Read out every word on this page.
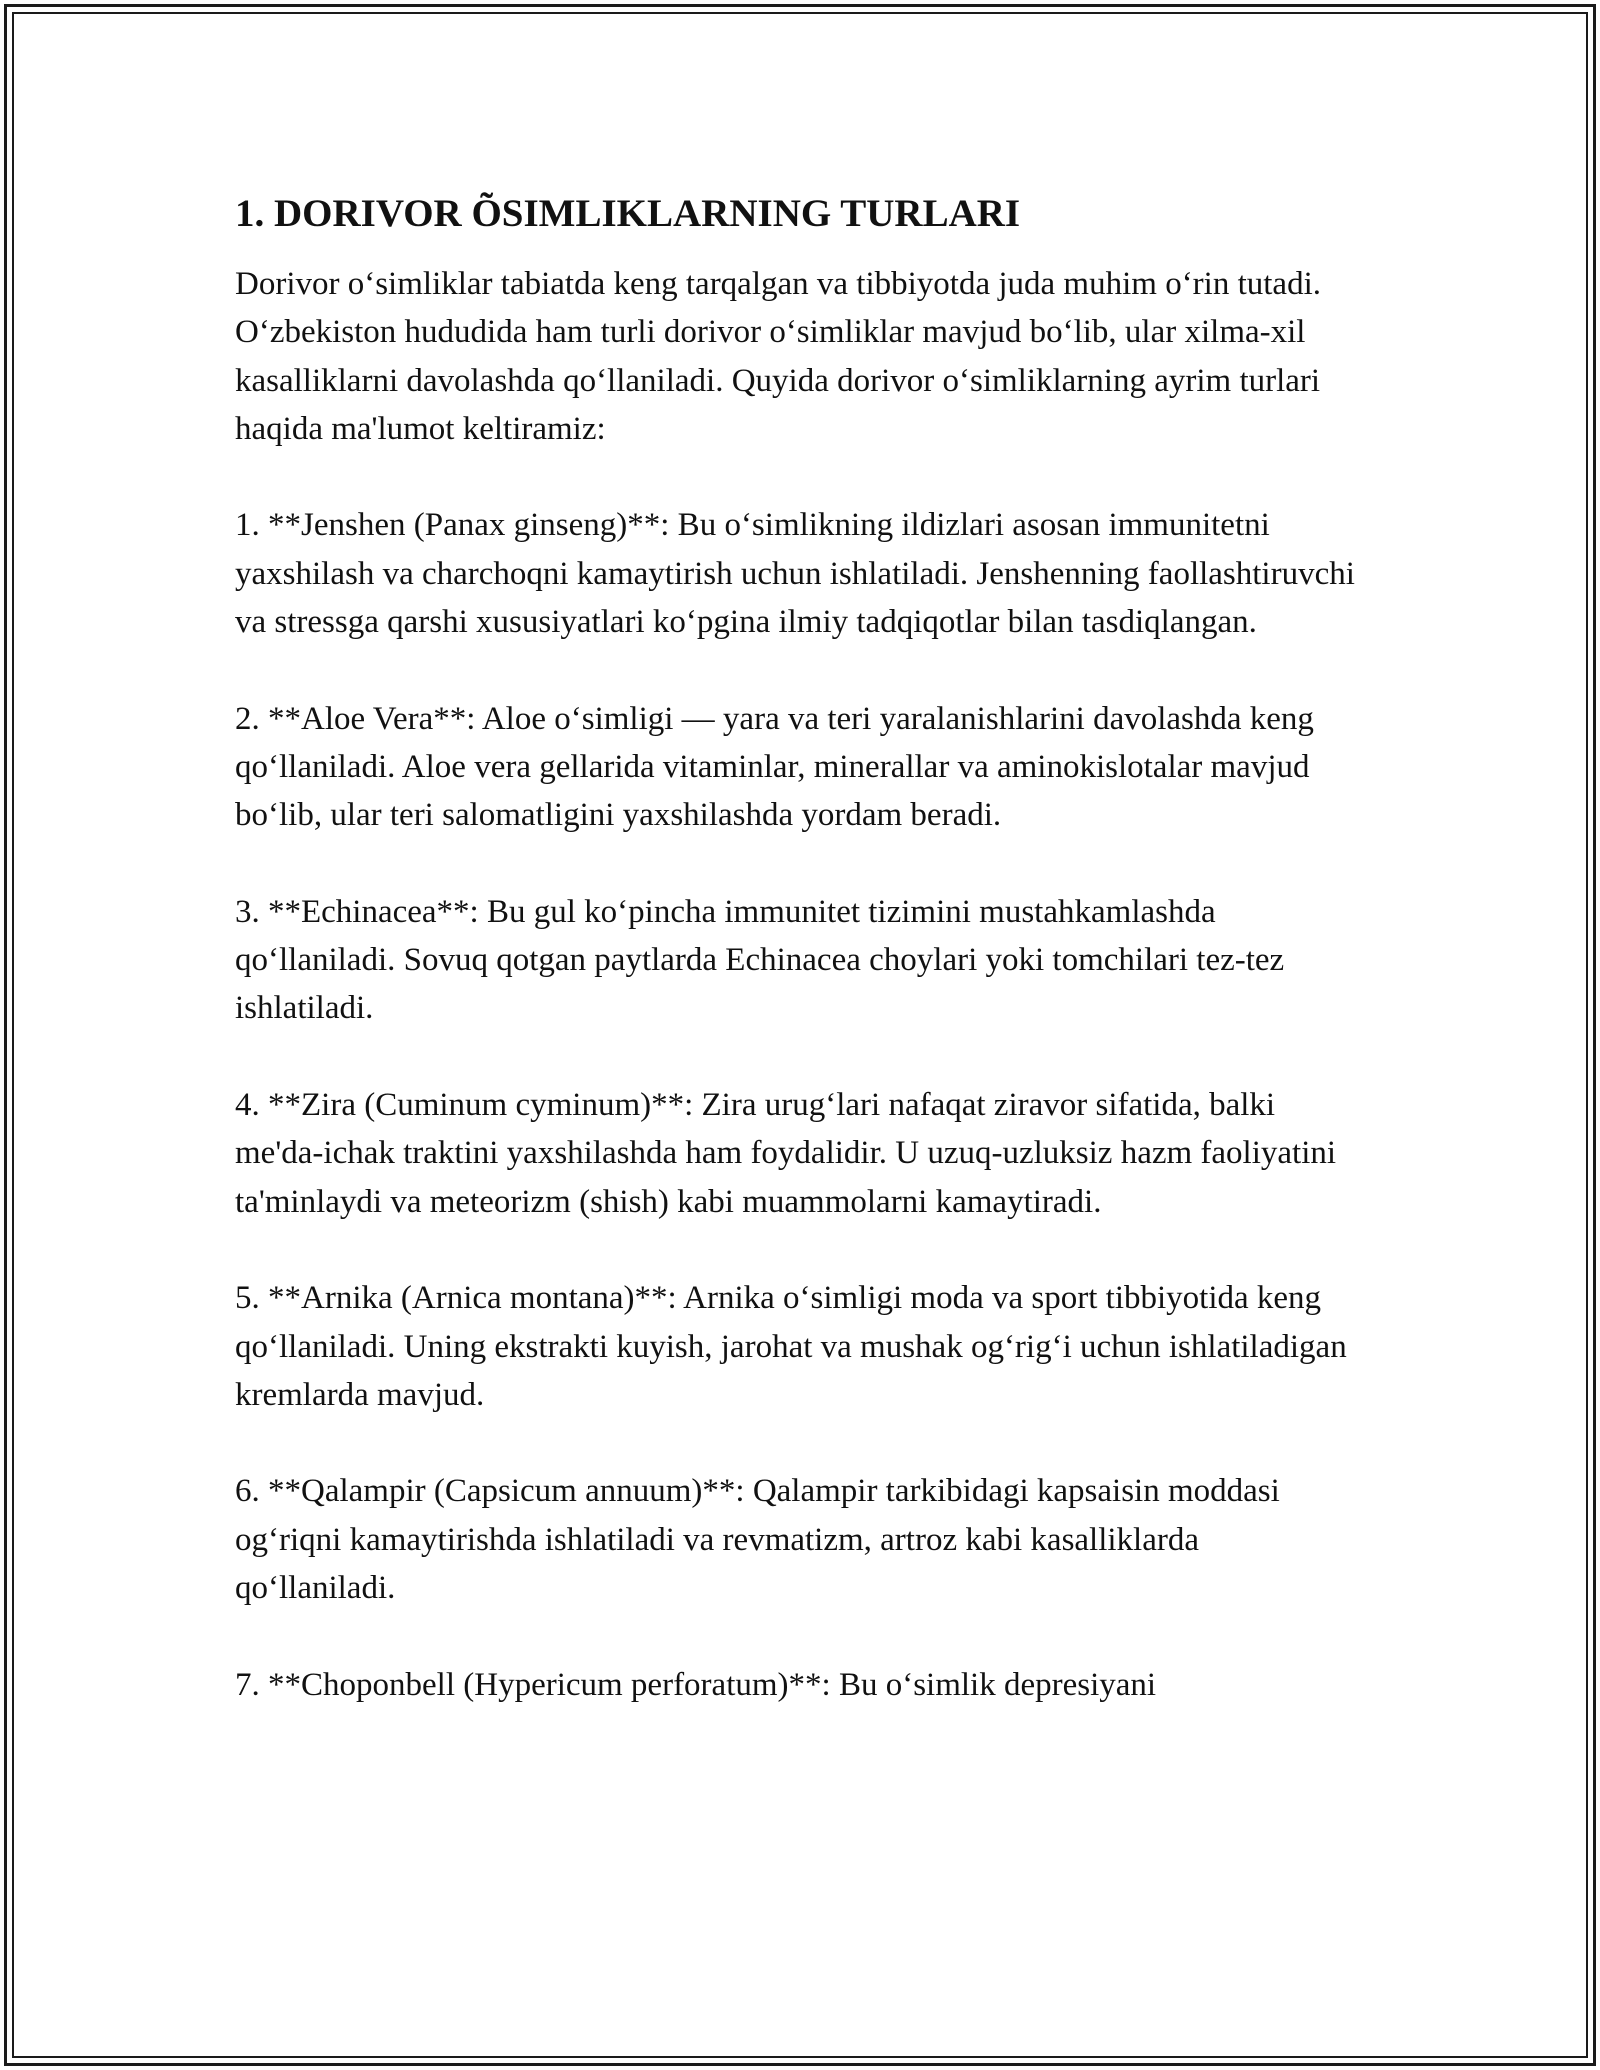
1. DORIVOR ÕSIMLIKLARNING TURLARI

Dorivor o‘simliklar tabiatda keng tarqalgan va tibbiyotda juda muhim o‘rin tutadi. O‘zbekiston hududida ham turli dorivor o‘simliklar mavjud bo‘lib, ular xilma-xil kasalliklarni davolashda qo‘llaniladi. Quyida dorivor o‘simliklarning ayrim turlari haqida ma'lumot keltiramiz:

1. **Jenshen (Panax ginseng)**: Bu o‘simlikning ildizlari asosan immunitetni yaxshilash va charchoqni kamaytirish uchun ishlatiladi. Jenshenning faollashtiruvchi va stressga qarshi xususiyatlari ko‘pgina ilmiy tadqiqotlar bilan tasdiqlangan.

2. **Aloe Vera**: Aloe o‘simligi — yara va teri yaralanishlarini davolashda keng qo‘llaniladi. Aloe vera gellarida vitaminlar, minerallar va aminokislotalar mavjud bo‘lib, ular teri salomatligini yaxshilashda yordam beradi.

3. **Echinacea**: Bu gul ko‘pincha immunitet tizimini mustahkamlashda qo‘llaniladi. Sovuq qotgan paytlarda Echinacea choylari yoki tomchilari tez-tez ishlatiladi.

4. **Zira (Cuminum cyminum)**: Zira urug‘lari nafaqat ziravor sifatida, balki me'da-ichak traktini yaxshilashda ham foydalidir. U uzuq-uzluksiz hazm faoliyatini ta'minlaydi va meteorizm (shish) kabi muammolarni kamaytiradi.

5. **Arnika (Arnica montana)**: Arnika o‘simligi moda va sport tibbiyotida keng qo‘llaniladi. Uning ekstrakti kuyish, jarohat va mushak og‘rig‘i uchun ishlatiladigan kremlarda mavjud.

6. **Qalampir (Capsicum annuum)**: Qalampir tarkibidagi kapsaisin moddasi og‘riqni kamaytirishda ishlatiladi va revmatizm, artroz kabi kasalliklarda qo‘llaniladi.

7. **Choponbell (Hypericum perforatum)**: Bu o‘simlik depresiyani
